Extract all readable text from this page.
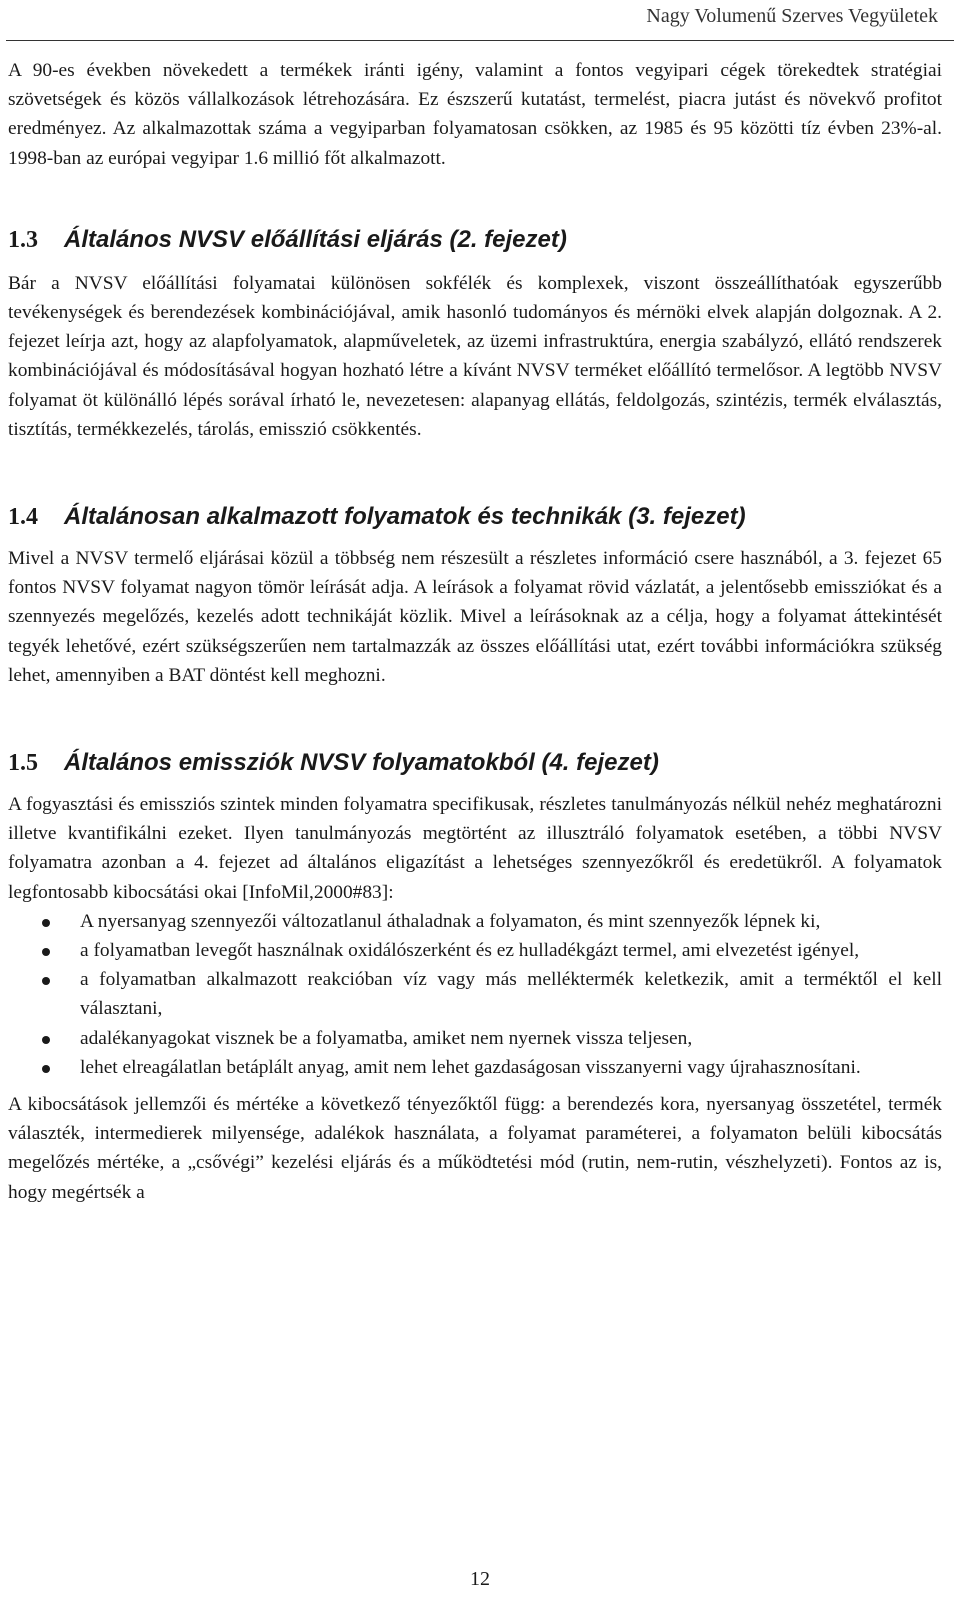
Nagy Volumenű Szerves Vegyületek

A 90-es években növekedett a termékek iránti igény, valamint a fontos vegyipari cégek törekedtek stratégiai szövetségek és közös vállalkozások létrehozására. Ez észszerű kutatást, termelést, piacra jutást és növekvő profitot eredményez. Az alkalmazottak száma a vegyiparban folyamatosan csökken, az 1985 és 95 közötti tíz évben 23%-al. 1998-ban az európai vegyipar 1.6 millió főt alkalmazott.

1.3 Általános NVSV előállítási eljárás (2. fejezet)

Bár a NVSV előállítási folyamatai különösen sokfélék és komplexek, viszont összeállíthatóak egyszerűbb tevékenységek és berendezések kombinációjával, amik hasonló tudományos és mérnöki elvek alapján dolgoznak. A 2. fejezet leírja azt, hogy az alapfolyamatok, alapműveletek, az üzemi infrastruktúra, energia szabályzó, ellátó rendszerek kombinációjával és módosításával hogyan hozható létre a kívánt NVSV terméket előállító termelősor. A legtöbb NVSV folyamat öt különálló lépés sorával írható le, nevezetesen: alapanyag ellátás, feldolgozás, szintézis, termék elválasztás, tisztítás, termékkezelés, tárolás, emisszió csökkentés.

1.4 Általánosan alkalmazott folyamatok és technikák (3. fejezet)

Mivel a NVSV termelő eljárásai közül a többség nem részesült a részletes információ csere hasznából, a 3. fejezet 65 fontos NVSV folyamat nagyon tömör leírását adja. A leírások a folyamat rövid vázlatát, a jelentősebb emissziókat és a szennyezés megelőzés, kezelés adott technikáját közlik. Mivel a leírásoknak az a célja, hogy a folyamat áttekintését tegyék lehetővé, ezért szükségszerűen nem tartalmazzák az összes előállítási utat, ezért további információkra szükség lehet, amennyiben a BAT döntést kell meghozni.

1.5 Általános emissziók NVSV folyamatokból (4. fejezet)

A fogyasztási és emissziós szintek minden folyamatra specifikusak, részletes tanulmányozás nélkül nehéz meghatározni illetve kvantifikálni ezeket. Ilyen tanulmányozás megtörtént az illusztráló folyamatok esetében, a többi NVSV folyamatra azonban a 4. fejezet ad általános eligazítást a lehetséges szennyezőkről és eredetükről. A folyamatok legfontosabb kibocsátási okai [InfoMil,2000#83]:

A nyersanyag szennyezői változatlanul áthaladnak a folyamaton, és mint szennyezők lépnek ki,
a folyamatban levegőt használnak oxidálószerként és ez hulladékgázt termel, ami elvezetést igényel,
a folyamatban alkalmazott reakcióban víz vagy más melléktermék keletkezik, amit a terméktől el kell választani,
adalékanyagokat visznek be a folyamatba, amiket nem nyernek vissza teljesen,
lehet elreagálatlan betáplált anyag, amit nem lehet gazdaságosan visszanyerni vagy újrahasznosítani.

A kibocsátások jellemzői és mértéke a következő tényezőktől függ: a berendezés kora, nyersanyag összetétel, termék választék, intermedierek milyensége, adalékok használata, a folyamat paraméterei, a folyamaton belüli kibocsátás megelőzés mértéke, a „csővégi” kezelési eljárás és a működtetési mód (rutin, nem-rutin, vészhelyzeti). Fontos az is, hogy megértsék a

12
